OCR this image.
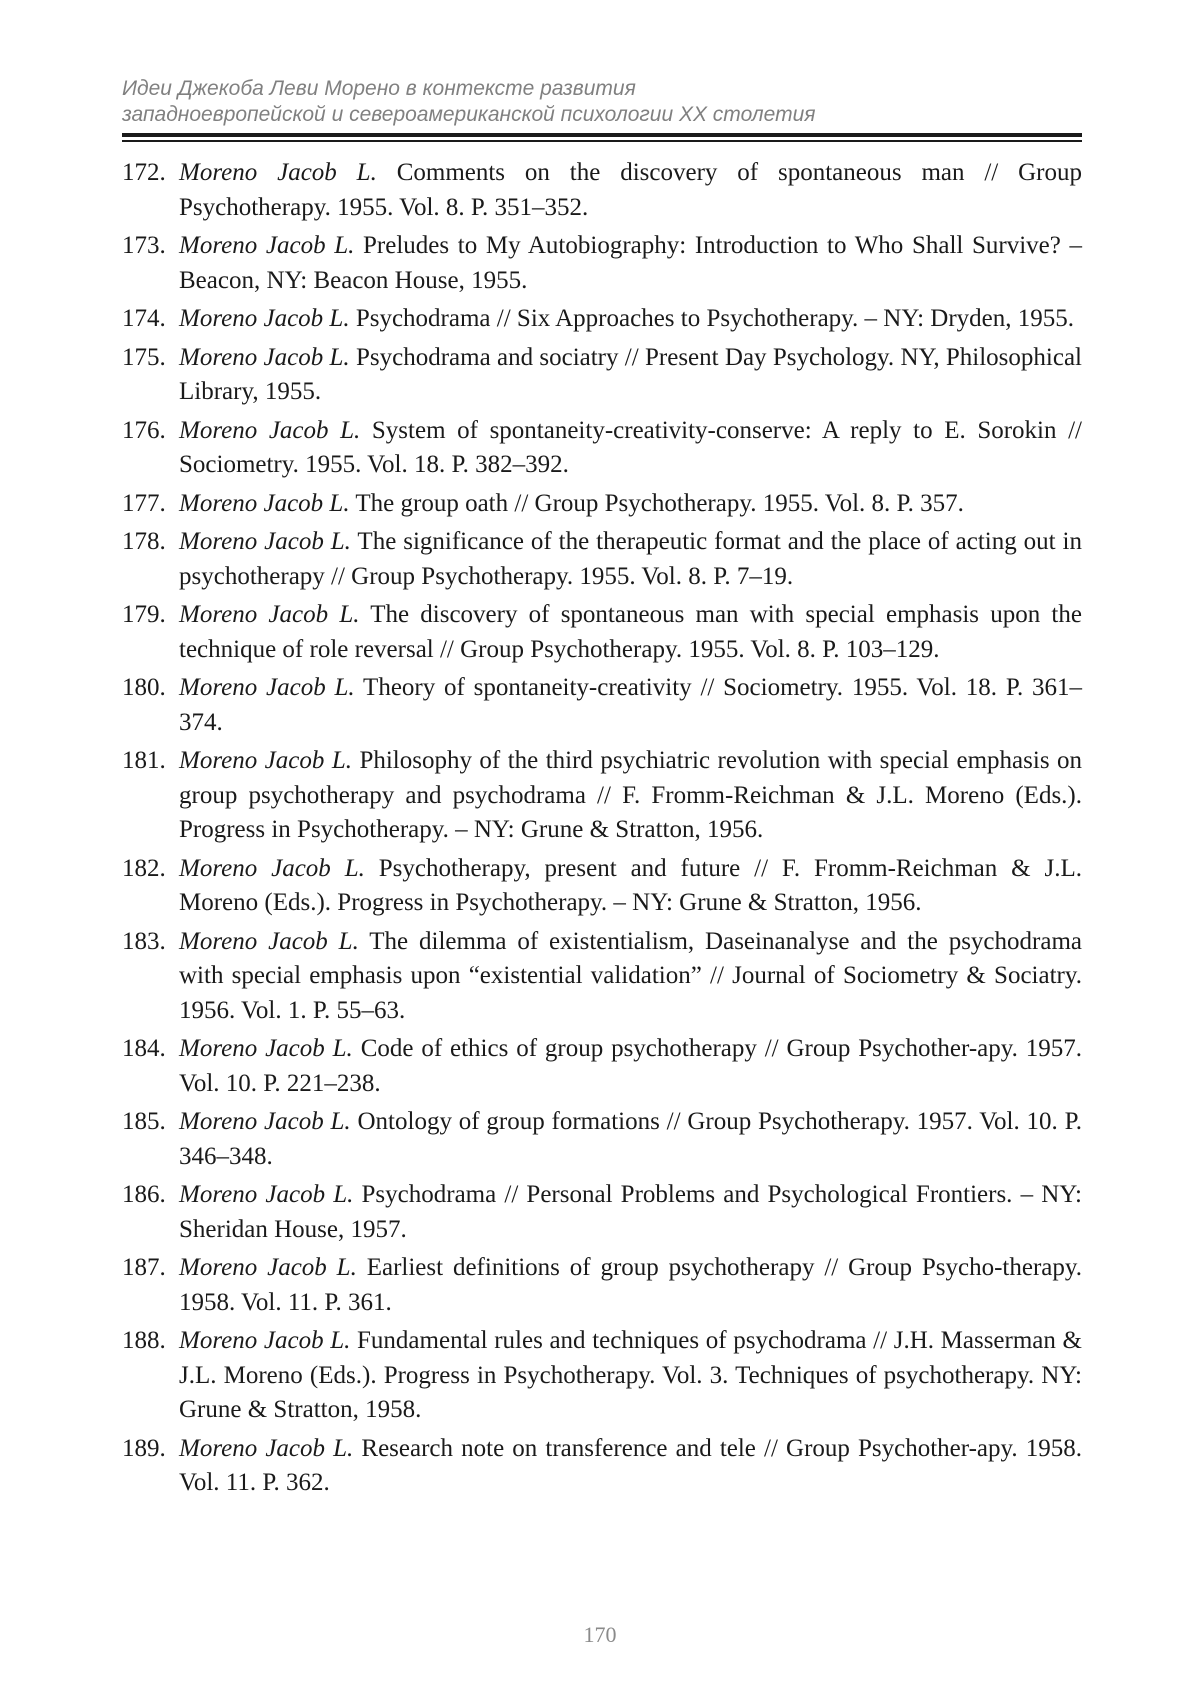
Идеи Джекоба Леви Морено в контексте развития
западноевропейской и североамериканской психологии XX столетия
172. Moreno Jacob L. Comments on the discovery of spontaneous man // Group Psychotherapy. 1955. Vol. 8. P. 351–352.
173. Moreno Jacob L. Preludes to My Autobiography: Introduction to Who Shall Survive? – Beacon, NY: Beacon House, 1955.
174. Moreno Jacob L. Psychodrama // Six Approaches to Psychotherapy. – NY: Dryden, 1955.
175. Moreno Jacob L. Psychodrama and sociatry // Present Day Psychology. NY, Philosophical Library, 1955.
176. Moreno Jacob L. System of spontaneity-creativity-conserve: A reply to E. Sorokin // Sociometry. 1955. Vol. 18. P. 382–392.
177. Moreno Jacob L. The group oath // Group Psychotherapy. 1955. Vol. 8. P. 357.
178. Moreno Jacob L. The significance of the therapeutic format and the place of acting out in psychotherapy // Group Psychotherapy. 1955. Vol. 8. P. 7–19.
179. Moreno Jacob L. The discovery of spontaneous man with special emphasis upon the technique of role reversal // Group Psychotherapy. 1955. Vol. 8. P. 103–129.
180. Moreno Jacob L. Theory of spontaneity-creativity // Sociometry. 1955. Vol. 18. P. 361–374.
181. Moreno Jacob L. Philosophy of the third psychiatric revolution with special emphasis on group psychotherapy and psychodrama // F. Fromm-Reichman & J.L. Moreno (Eds.). Progress in Psychotherapy. – NY: Grune & Stratton, 1956.
182. Moreno Jacob L. Psychotherapy, present and future // F. Fromm-Reichman & J.L. Moreno (Eds.). Progress in Psychotherapy. – NY: Grune & Stratton, 1956.
183. Moreno Jacob L. The dilemma of existentialism, Daseinanalyse and the psychodrama with special emphasis upon “existential validation” // Journal of Sociometry & Sociatry. 1956. Vol. 1. P. 55–63.
184. Moreno Jacob L. Code of ethics of group psychotherapy // Group Psychother-apy. 1957. Vol. 10. P. 221–238.
185. Moreno Jacob L. Ontology of group formations // Group Psychotherapy. 1957. Vol. 10. P. 346–348.
186. Moreno Jacob L. Psychodrama // Personal Problems and Psychological Frontiers. – NY: Sheridan House, 1957.
187. Moreno Jacob L. Earliest definitions of group psychotherapy // Group Psycho-therapy. 1958. Vol. 11. P. 361.
188. Moreno Jacob L. Fundamental rules and techniques of psychodrama // J.H. Masserman & J.L. Moreno (Eds.). Progress in Psychotherapy. Vol. 3. Techniques of psychotherapy. NY: Grune & Stratton, 1958.
189. Moreno Jacob L. Research note on transference and tele // Group Psychother-apy. 1958. Vol. 11. P. 362.
170
